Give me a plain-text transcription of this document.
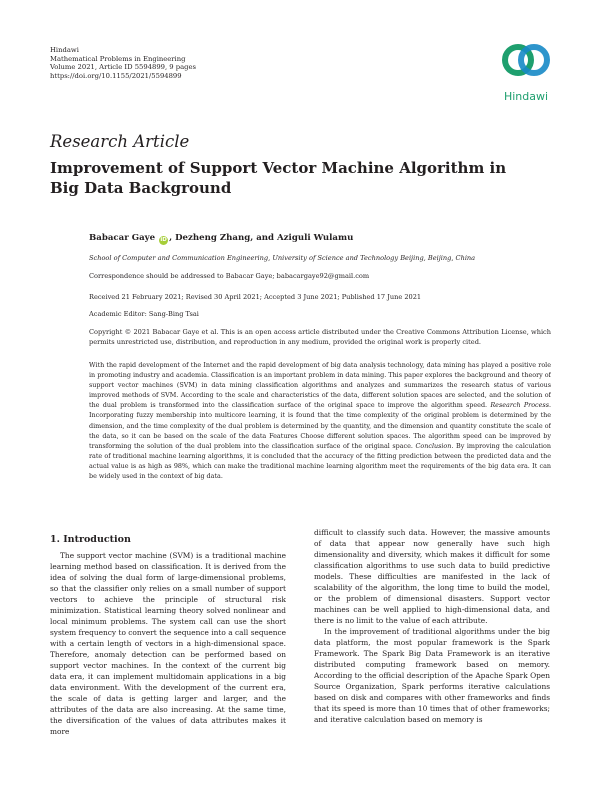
Hindawi
Mathematical Problems in Engineering
Volume 2021, Article ID 5594899, 9 pages
https://doi.org/10.1155/2021/5594899
Hindawi
Research Article
Improvement of Support Vector Machine Algorithm in Big Data Background
Babacar Gaye iD , Dezheng Zhang, and Aziguli Wulamu
School of Computer and Communication Engineering, University of Science and Technology Beijing, Beijing, China
Correspondence should be addressed to Babacar Gaye; babacargaye92@gmail.com
Received 21 February 2021; Revised 30 April 2021; Accepted 3 June 2021; Published 17 June 2021
Academic Editor: Sang-Bing Tsai
Copyright © 2021 Babacar Gaye et al. This is an open access article distributed under the Creative Commons Attribution License, which permits unrestricted use, distribution, and reproduction in any medium, provided the original work is properly cited.
With the rapid development of the Internet and the rapid development of big data analysis technology, data mining has played a positive role in promoting industry and academia. Classification is an important problem in data mining. This paper explores the background and theory of support vector machines (SVM) in data mining classification algorithms and analyzes and summarizes the research status of various improved methods of SVM. According to the scale and characteristics of the data, different solution spaces are selected, and the solution of the dual problem is transformed into the classification surface of the original space to improve the algorithm speed. Research Process. Incorporating fuzzy membership into multicore learning, it is found that the time complexity of the original problem is determined by the dimension, and the time complexity of the dual problem is determined by the quantity, and the dimension and quantity constitute the scale of the data, so it can be based on the scale of the data Features Choose different solution spaces. The algorithm speed can be improved by transforming the solution of the dual problem into the classification surface of the original space. Conclusion. By improving the calculation rate of traditional machine learning algorithms, it is concluded that the accuracy of the fitting prediction between the predicted data and the actual value is as high as 98%, which can make the traditional machine learning algorithm meet the requirements of the big data era. It can be widely used in the context of big data.
1. Introduction

The support vector machine (SVM) is a traditional machine learning method based on classification. It is derived from the idea of solving the dual form of large-dimensional problems, so that the classifier only relies on a small number of support vectors to achieve the principle of structural risk minimization. Statistical learning theory solved nonlinear and local minimum problems. The system call can use the short system frequency to convert the sequence into a call sequence with a certain length of vectors in a high-dimensional space. Therefore, anomaly detection can be performed based on support vector machines. In the context of the current big data era, it can implement multidomain applications in a big data environment. With the development of the current era, the scale of data is getting larger and larger, and the attributes of the data are also increasing. At the same time, the diversification of the values of data attributes makes it more

difficult to classify such data. However, the massive amounts of data that appear now generally have such high dimensionality and diversity, which makes it difficult for some classification algorithms to use such data to build predictive models. These difficulties are manifested in the lack of scalability of the algorithm, the long time to build the model, or the problem of dimensional disasters. Support vector machines can be well applied to high-dimensional data, and there is no limit to the value of each attribute.

In the improvement of traditional algorithms under the big data platform, the most popular framework is the Spark Framework. The Spark Big Data Framework is an iterative distributed computing framework based on memory. According to the official description of the Apache Spark Open Source Organization, Spark performs iterative calculations based on disk and compares with other frameworks and finds that its speed is more than 10 times that of other frameworks; and iterative calculation based on memory is
